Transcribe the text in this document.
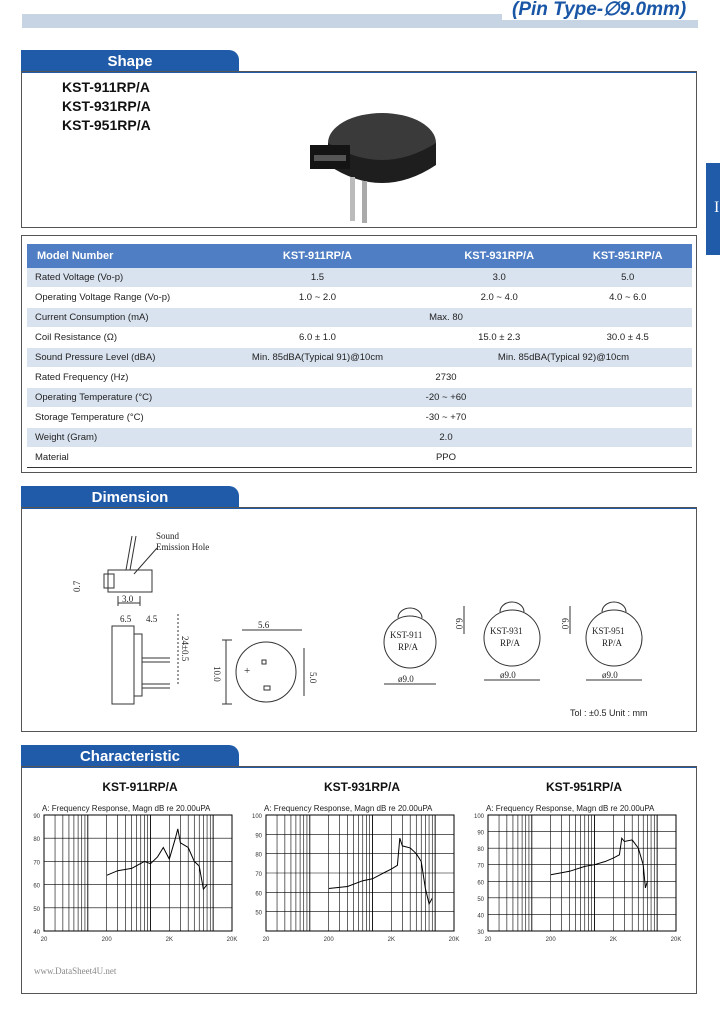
(Pin Type-∅9.0mm)
I
Shape
KST-911RP/A
KST-931RP/A
KST-951RP/A
Model Number	KST-911RP/A	KST-931RP/A	KST-951RP/A
Rated Voltage (Vo-p)	1.5	3.0	5.0
Operating Voltage Range (Vo-p)	1.0 ~ 2.0	2.0 ~ 4.0	4.0 ~ 6.0
Current Consumption (mA)	Max. 80		
Coil Resistance (Ω)	6.0 ± 1.0	15.0 ± 2.3	30.0 ± 4.5
Sound Pressure Level (dBA)	Min. 85dBA(Typical 91)@10cm	Min. 85dBA(Typical 92)@10cm	
Rated Frequency (Hz)	2730		
Operating Temperature (°C)	-20 ~ +60		
Storage Temperature (°C)	-30 ~ +70		
Weight (Gram)	2.0		
Material	PPO		
Dimension
Sound
Emission Hole
0.7
3.0
6.5 4.5
24±0.5
5.6
10.0	5.0
+
KST-911
RP/A
ø9.0
KST-931
RP/A
6.0
ø9.0
KST-951
RP/A
6.0
ø9.0
Tol : ±0.5 Unit : mm
Characteristic
KST-911RP/A
A: Frequency Response, Magn dB re 20.00uPA
90
80
70
60
50
40
20	200	2K	20K
KST-931RP/A
A: Frequency Response, Magn dB re 20.00uPA
100
90
80
70
60
50
20	200	2K	20K
KST-951RP/A
A: Frequency Response, Magn dB re 20.00uPA
100
90
80
70
60
50
40
30
20	200	2K	20K
www.DataSheet4U.net
